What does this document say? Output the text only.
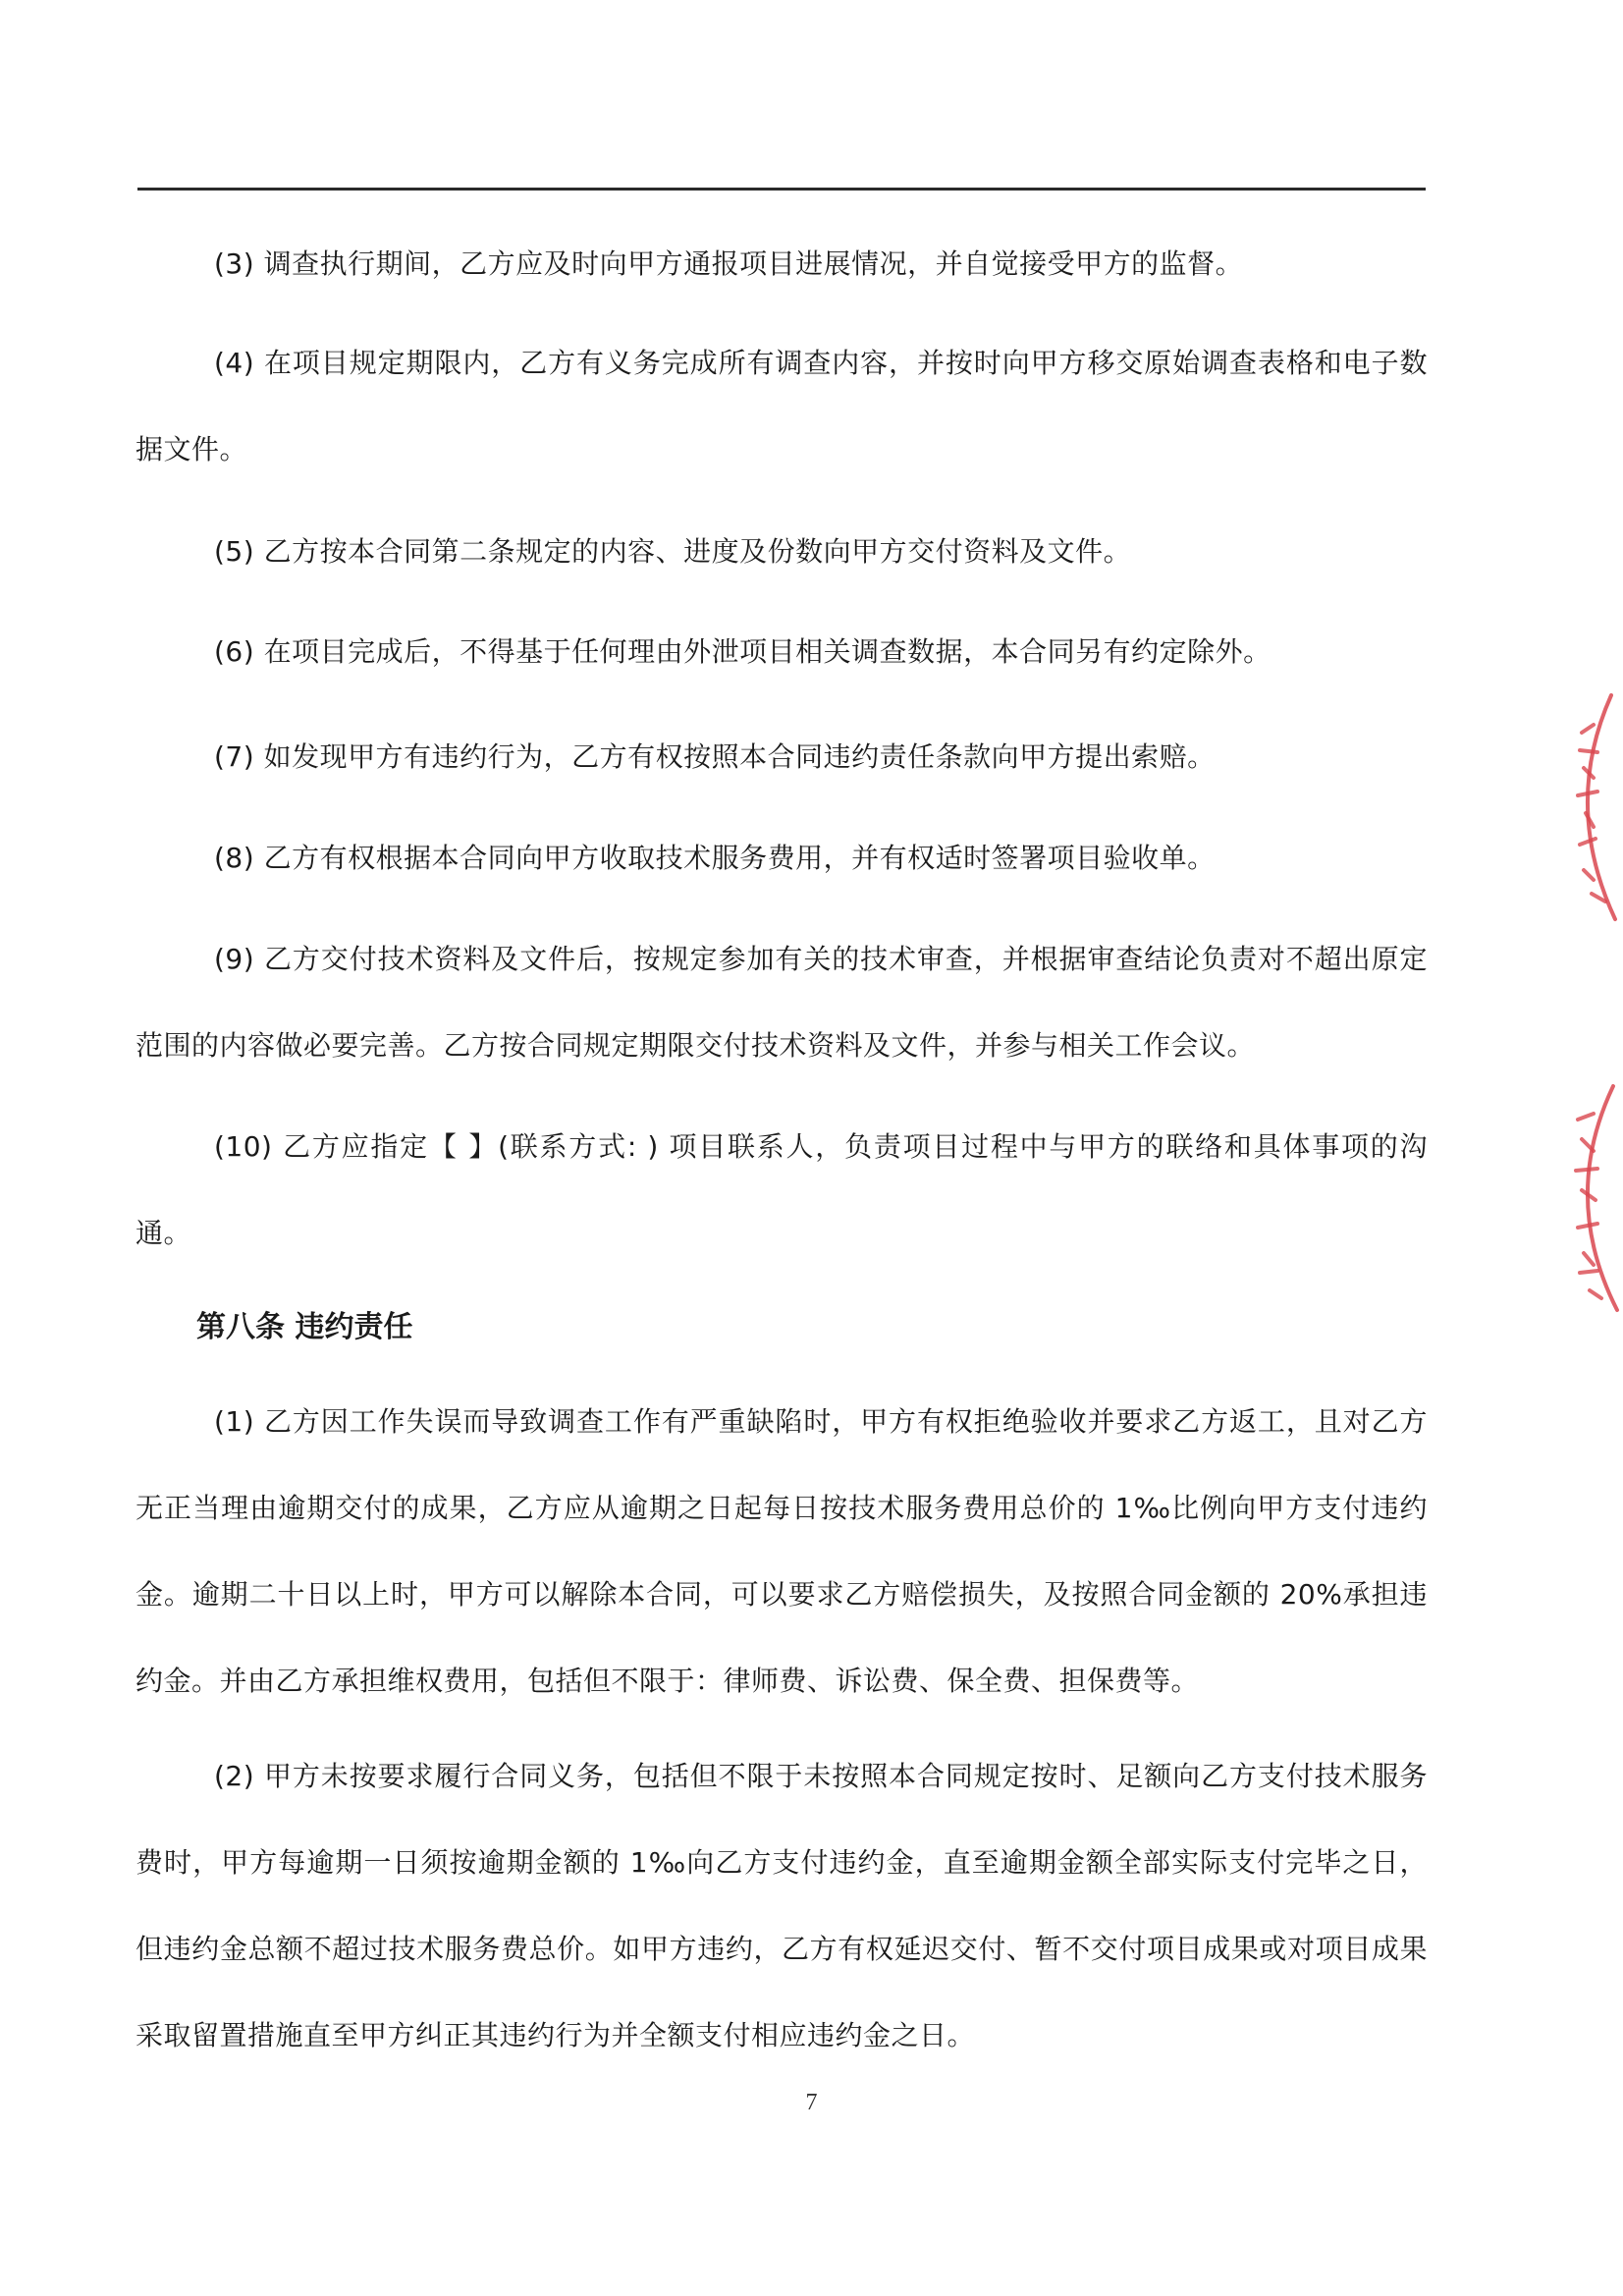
(3) 调查执行期间，乙方应及时向甲方通报项目进展情况，并自觉接受甲方的监督。

(4) 在项目规定期限内，乙方有义务完成所有调查内容，并按时向甲方移交原始调查表格和电子数据文件。

(5) 乙方按本合同第二条规定的内容、进度及份数向甲方交付资料及文件。

(6) 在项目完成后，不得基于任何理由外泄项目相关调查数据，本合同另有约定除外。

(7) 如发现甲方有违约行为，乙方有权按照本合同违约责任条款向甲方提出索赔。

(8) 乙方有权根据本合同向甲方收取技术服务费用，并有权适时签署项目验收单。

(9) 乙方交付技术资料及文件后，按规定参加有关的技术审查，并根据审查结论负责对不超出原定范围的内容做必要完善。乙方按合同规定期限交付技术资料及文件，并参与相关工作会议。

(10) 乙方应指定【 】(联系方式: ) 项目联系人，负责项目过程中与甲方的联络和具体事项的沟通。

第八条 违约责任

(1) 乙方因工作失误而导致调查工作有严重缺陷时，甲方有权拒绝验收并要求乙方返工，且对乙方无正当理由逾期交付的成果，乙方应从逾期之日起每日按技术服务费用总价的 1‰比例向甲方支付违约金。逾期二十日以上时，甲方可以解除本合同，可以要求乙方赔偿损失，及按照合同金额的 20%承担违约金。并由乙方承担维权费用，包括但不限于：律师费、诉讼费、保全费、担保费等。

(2) 甲方未按要求履行合同义务，包括但不限于未按照本合同规定按时、足额向乙方支付技术服务费时，甲方每逾期一日须按逾期金额的 1‰向乙方支付违约金，直至逾期金额全部实际支付完毕之日，但违约金总额不超过技术服务费总价。如甲方违约，乙方有权延迟交付、暂不交付项目成果或对项目成果采取留置措施直至甲方纠正其违约行为并全额支付相应违约金之日。

7
